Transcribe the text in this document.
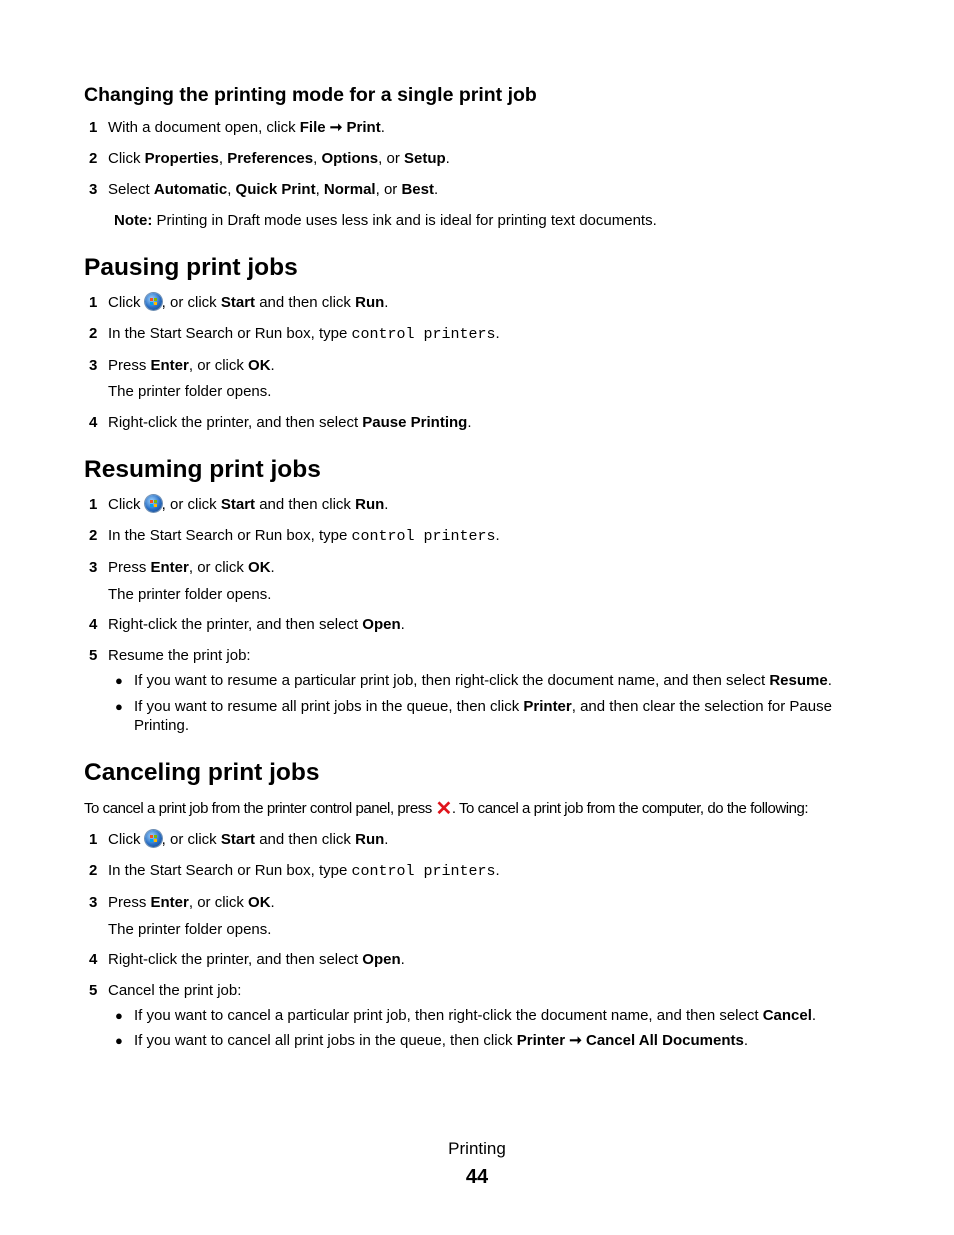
Changing the printing mode for a single print job
1 With a document open, click File ➞ Print.
2 Click Properties, Preferences, Options, or Setup.
3 Select Automatic, Quick Print, Normal, or Best.
Note: Printing in Draft mode uses less ink and is ideal for printing text documents.
Pausing print jobs
1 Click , or click Start and then click Run.
2 In the Start Search or Run box, type control printers.
3 Press Enter, or click OK.
The printer folder opens.
4 Right-click the printer, and then select Pause Printing.
Resuming print jobs
1 Click , or click Start and then click Run.
2 In the Start Search or Run box, type control printers.
3 Press Enter, or click OK.
The printer folder opens.
4 Right-click the printer, and then select Open.
5 Resume the print job:
● If you want to resume a particular print job, then right-click the document name, and then select Resume.
● If you want to resume all print jobs in the queue, then click Printer, and then clear the selection for Pause Printing.
Canceling print jobs
To cancel a print job from the printer control panel, press ✕. To cancel a print job from the computer, do the following:
1 Click , or click Start and then click Run.
2 In the Start Search or Run box, type control printers.
3 Press Enter, or click OK.
The printer folder opens.
4 Right-click the printer, and then select Open.
5 Cancel the print job:
● If you want to cancel a particular print job, then right-click the document name, and then select Cancel.
● If you want to cancel all print jobs in the queue, then click Printer ➞ Cancel All Documents.
Printing
44
